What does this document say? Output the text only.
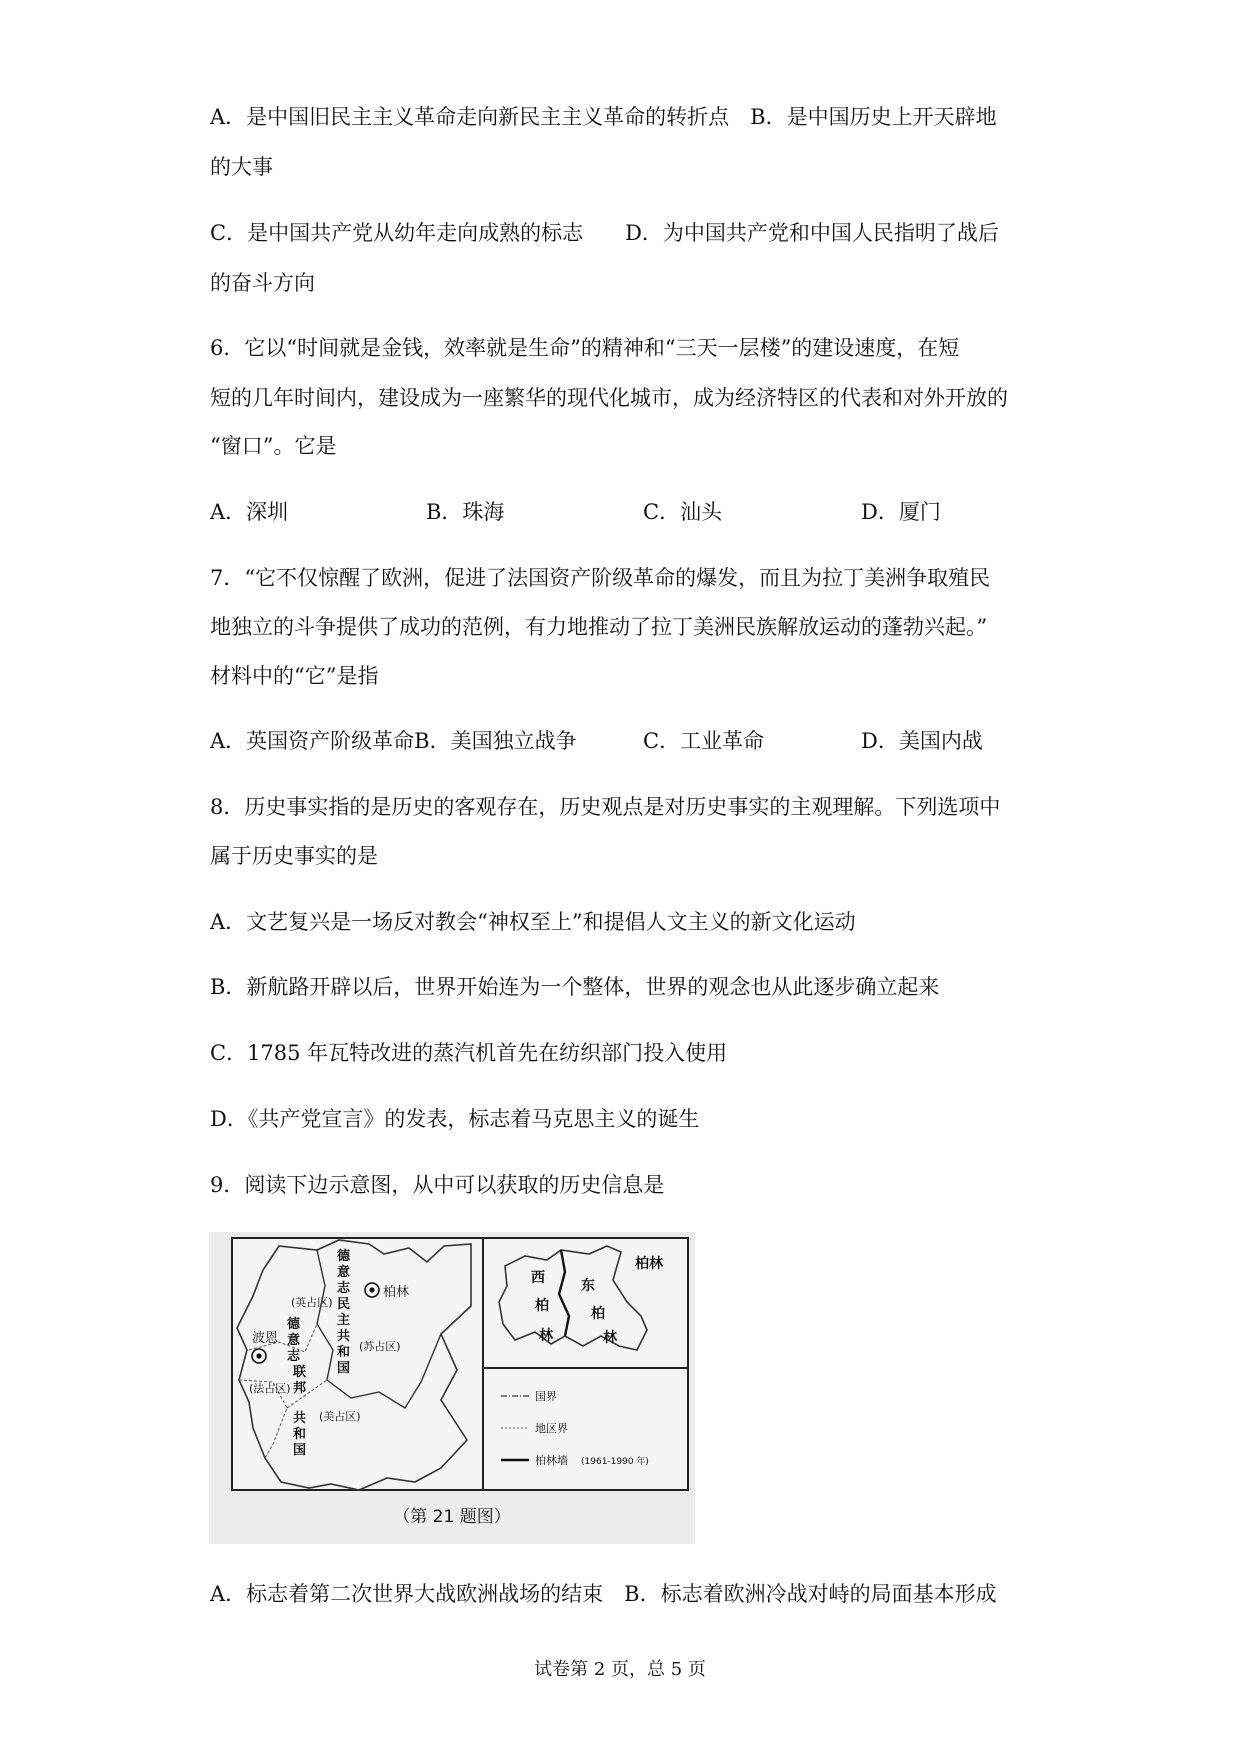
A．是中国旧民主主义革命走向新民主主义革命的转折点　B．是中国历史上开天辟地
的大事
C．是中国共产党从幼年走向成熟的标志　　D．为中国共产党和中国人民指明了战后
的奋斗方向
6．它以“时间就是金钱，效率就是生命”的精神和“三天一层楼”的建设速度，在短
短的几年时间内，建设成为一座繁华的现代化城市，成为经济特区的代表和对外开放的
“窗口”。它是
A．深圳	B．珠海	C．汕头	D．厦门
7．“它不仅惊醒了欧洲，促进了法国资产阶级革命的爆发，而且为拉丁美洲争取殖民
地独立的斗争提供了成功的范例，有力地推动了拉丁美洲民族解放运动的蓬勃兴起。”
材料中的“它”是指
A．英国资产阶级革命B．美国独立战争	C．工业革命	D．美国内战
8．历史事实指的是历史的客观存在，历史观点是对历史事实的主观理解。下列选项中
属于历史事实的是
A．文艺复兴是一场反对教会“神权至上”和提倡人文主义的新文化运动
B．新航路开辟以后，世界开始连为一个整体，世界的观念也从此逐步确立起来
C．1785 年瓦特改进的蒸汽机首先在纺织部门投入使用
D．《共产党宣言》的发表，标志着马克思主义的诞生
9．阅读下边示意图，从中可以获取的历史信息是
柏林
波恩
(英占区)
(苏占区)
(法占区)
(美占区)
德
意
志
民
主
共
和
国
德
意
志
联
邦
共
和
国
西
柏
林
东
柏
林
柏林
国界
地区界
柏林墙 (1961-1990 年)
（第 21 题图）
A．标志着第二次世界大战欧洲战场的结束　B．标志着欧洲冷战对峙的局面基本形成
试卷第 2 页，总 5 页
